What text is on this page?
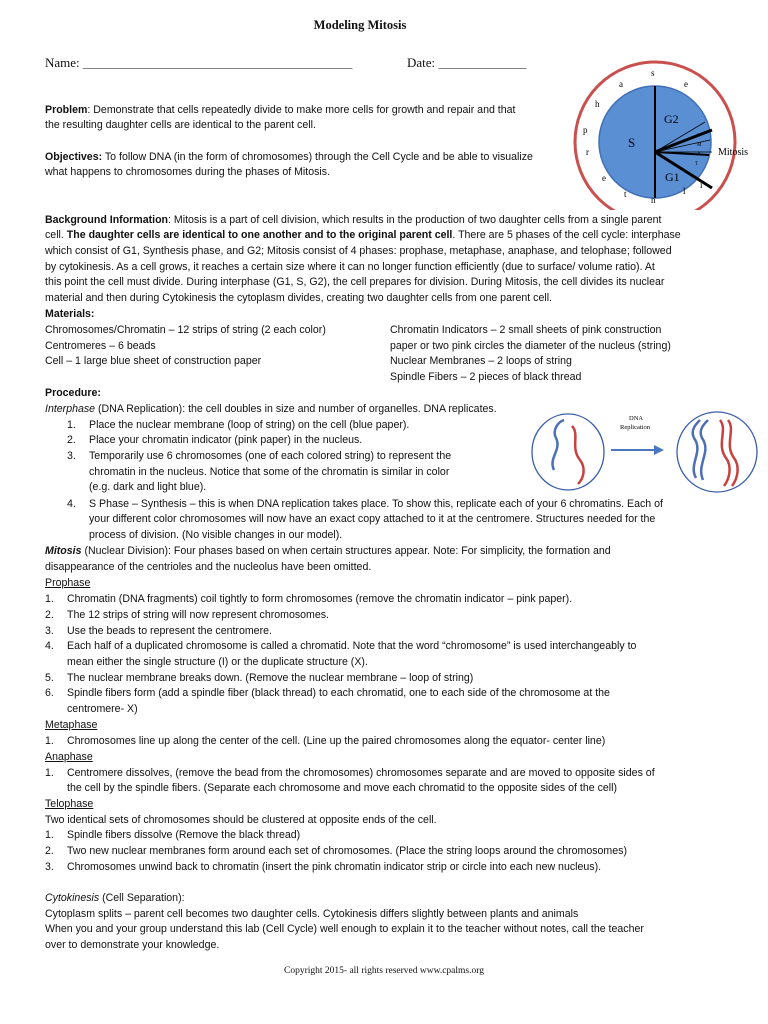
Modeling Mitosis
Name: _________________________________________________	Date: ________________
Problem: Demonstrate that cells repeatedly divide to make more cells for growth and repair and that
the resulting daughter cells are identical to the parent cell.
Objectives: To follow DNA (in the form of chromosomes) through the Cell Cycle and be able to visualize
what happens to chromosomes during the phases of Mitosis.
S
G2
G1
P
M
A
T
Mitosis
a
h
p
r
e
t
s
e
i
l
n
Background Information: Mitosis is a part of cell division, which results in the production of two daughter cells from a single parent
cell. The daughter cells are identical to one another and to the original parent cell. There are 5 phases of the cell cycle: interphase
which consist of G1, Synthesis phase, and G2; Mitosis consist of 4 phases: prophase, metaphase, anaphase, and telophase; followed
by cytokinesis. As a cell grows, it reaches a certain size where it can no longer function efficiently (due to surface/ volume ratio). At
this point the cell must divide. During interphase (G1, S, G2), the cell prepares for division. During Mitosis, the cell divides its nuclear
material and then during Cytokinesis the cytoplasm divides, creating two daughter cells from one parent cell.
Materials:
Chromosomes/Chromatin – 12 strips of string (2 each color)
Centromeres – 6 beads
Cell – 1 large blue sheet of construction paper
Chromatin Indicators – 2 small sheets of pink construction
paper or two pink circles the diameter of the nucleus (string)
Nuclear Membranes – 2 loops of string
Spindle Fibers – 2 pieces of black thread
Procedure:
Interphase (DNA Replication): the cell doubles in size and number of organelles. DNA replicates.
1. Place the nuclear membrane (loop of string) on the cell (blue paper).
2. Place your chromatin indicator (pink paper) in the nucleus.
3. Temporarily use 6 chromosomes (one of each colored string) to represent the
chromatin in the nucleus. Notice that some of the chromatin is similar in color
(e.g. dark and light blue).
4. S Phase – Synthesis – this is when DNA replication takes place. To show this, replicate each of your 6 chromatins. Each of
your different color chromosomes will now have an exact copy attached to it at the centromere. Structures needed for the
process of division. (No visible changes in our model).
DNA
Replication
Mitosis (Nuclear Division): Four phases based on when certain structures appear. Note: For simplicity, the formation and
disappearance of the centrioles and the nucleolus have been omitted.
Prophase
1. Chromatin (DNA fragments) coil tightly to form chromosomes (remove the chromatin indicator – pink paper).
2. The 12 strips of string will now represent chromosomes.
3. Use the beads to represent the centromere.
4. Each half of a duplicated chromosome is called a chromatid. Note that the word “chromosome” is used interchangeably to
mean either the single structure (I) or the duplicate structure (X).
5. The nuclear membrane breaks down. (Remove the nuclear membrane – loop of string)
6. Spindle fibers form (add a spindle fiber (black thread) to each chromatid, one to each side of the chromosome at the
centromere- X)
Metaphase
1. Chromosomes line up along the center of the cell. (Line up the paired chromosomes along the equator- center line)
Anaphase
1. Centromere dissolves, (remove the bead from the chromosomes) chromosomes separate and are moved to opposite sides of
the cell by the spindle fibers. (Separate each chromosome and move each chromatid to the opposite sides of the cell)
Telophase
Two identical sets of chromosomes should be clustered at opposite ends of the cell.
1. Spindle fibers dissolve (Remove the black thread)
2. Two new nuclear membranes form around each set of chromosomes. (Place the string loops around the chromosomes)
3. Chromosomes unwind back to chromatin (insert the pink chromatin indicator strip or circle into each new nucleus).
Cytokinesis (Cell Separation):
Cytoplasm splits – parent cell becomes two daughter cells. Cytokinesis differs slightly between plants and animals
When you and your group understand this lab (Cell Cycle) well enough to explain it to the teacher without notes, call the teacher
over to demonstrate your knowledge.
Copyright 2015- all rights reserved www.cpalms.org
